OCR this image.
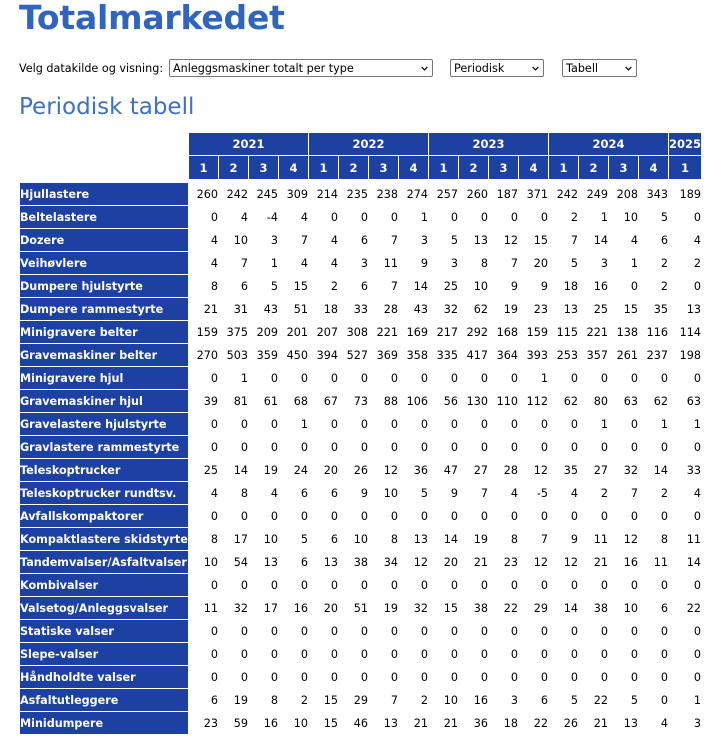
Totalmarkedet
Velg datakilde og visning: Anleggsmaskiner totalt per type	Periodisk	Tabell
Periodisk tabell
	2021				2022				2023				2024				2025
	1	2	3	4	1	2	3	4	1	2	3	4	1	2	3	4	1

Hjullastere	260	242	245	309	214	235	238	274	257	260	187	371	242	249	208	343	189
Beltelastere	0	4	-4	4	0	0	0	1	0	0	0	0	2	1	10	5	0
Dozere	4	10	3	7	4	6	7	3	5	13	12	15	7	14	4	6	4
Veihøvlere	4	7	1	4	4	3	11	9	3	8	7	20	5	3	1	2	2
Dumpere hjulstyrte	8	6	5	15	2	6	7	14	25	10	9	9	18	16	0	2	0
Dumpere rammestyrte	21	31	43	51	18	33	28	43	32	62	19	23	13	25	15	35	13
Minigravere belter	159	375	209	201	207	308	221	169	217	292	168	159	115	221	138	116	114
Gravemaskiner belter	270	503	359	450	394	527	369	358	335	417	364	393	253	357	261	237	198
Minigravere hjul	0	1	0	0	0	0	0	0	0	0	0	1	0	0	0	0	0
Gravemaskiner hjul	39	81	61	68	67	73	88	106	56	130	110	112	62	80	63	62	63
Gravelastere hjulstyrte	0	0	0	1	0	0	0	0	0	0	0	0	0	1	0	1	1
Gravlastere rammestyrte	0	0	0	0	0	0	0	0	0	0	0	0	0	0	0	0	0
Teleskoptrucker	25	14	19	24	20	26	12	36	47	27	28	12	35	27	32	14	33
Teleskoptrucker rundtsv.	4	8	4	6	6	9	10	5	9	7	4	-5	4	2	7	2	4
Avfallskompaktorer	0	0	0	0	0	0	0	0	0	0	0	0	0	0	0	0	0
Kompaktlastere skidstyrte	8	17	10	5	6	10	8	13	14	19	8	7	9	11	12	8	11
Tandemvalser/Asfaltvalser	10	54	13	6	13	38	34	12	20	21	23	12	12	21	16	11	14
Kombivalser	0	0	0	0	0	0	0	0	0	0	0	0	0	0	0	0	0
Valsetog/Anleggsvalser	11	32	17	16	20	51	19	32	15	38	22	29	14	38	10	6	22
Statiske valser	0	0	0	0	0	0	0	0	0	0	0	0	0	0	0	0	0
Slepe-valser	0	0	0	0	0	0	0	0	0	0	0	0	0	0	0	0	0
Håndholdte valser	0	0	0	0	0	0	0	0	0	0	0	0	0	0	0	0	0
Asfaltutleggere	6	19	8	2	15	29	7	2	10	16	3	6	5	22	5	0	1
Minidumpere	23	59	16	10	15	46	13	21	21	36	18	22	26	21	13	4	3
